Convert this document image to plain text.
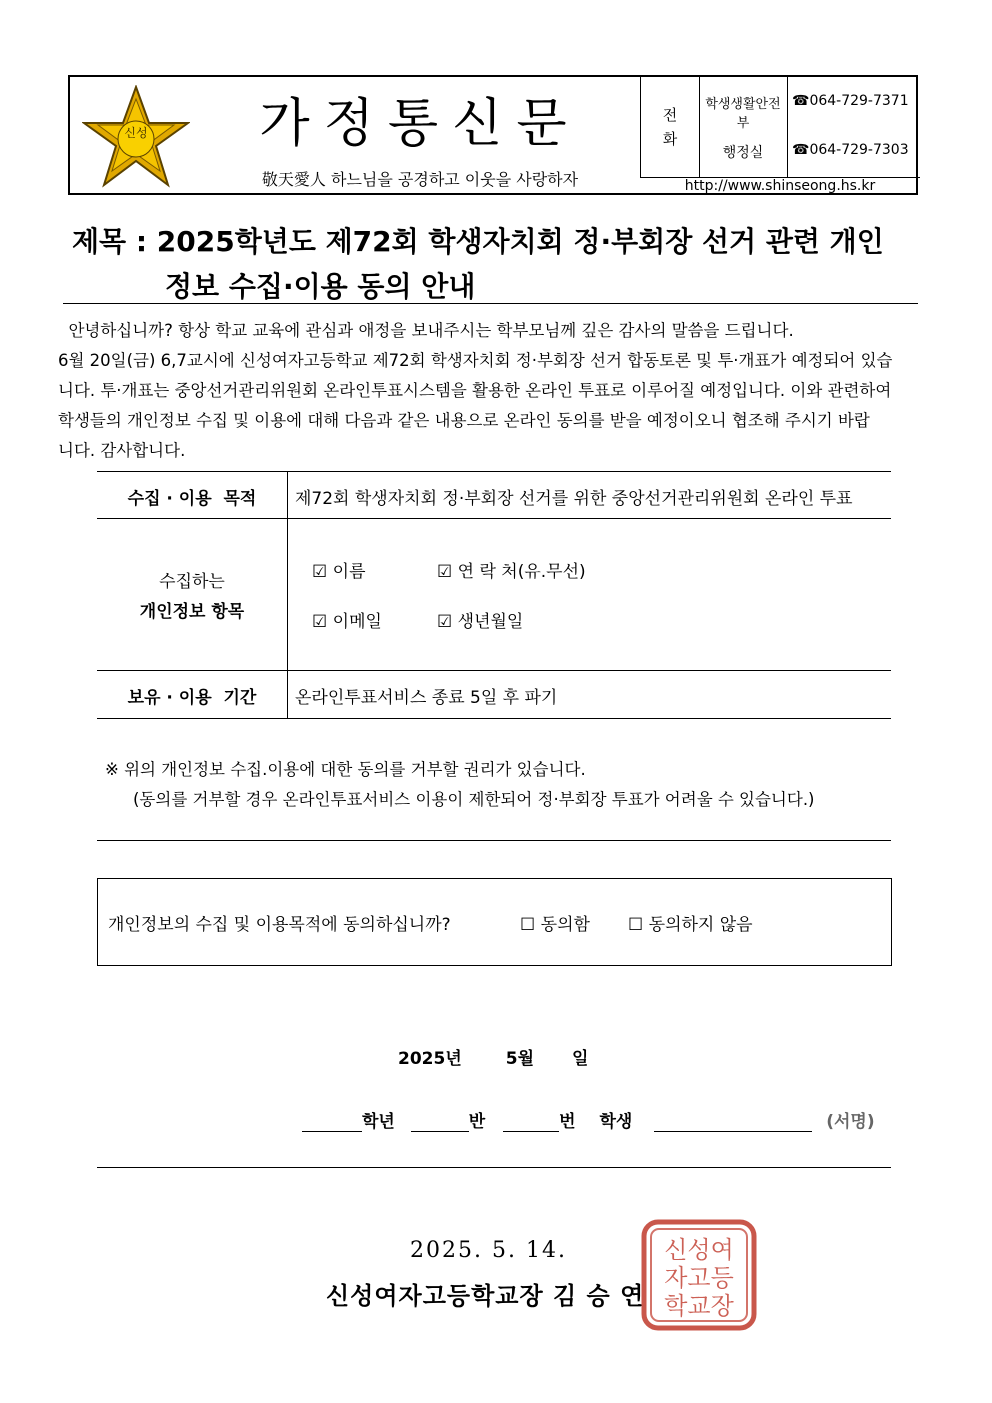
신성	가정통신문
敬天愛人 하느님을 공경하고 이웃을 사랑하자
전
화
학생생활안전부
☎064-729-7371
행정실	☎064-729-7303
http://www.shinseong.hs.kr
제목 : 2025학년도 제72회 학생자치회 정·부회장 선거 관련 개인
정보 수집·이용 동의 안내
안녕하십니까? 항상 학교 교육에 관심과 애정을 보내주시는 학부모님께 깊은 감사의 말씀을 드립니다.
6월 20일(금) 6,7교시에 신성여자고등학교 제72회 학생자치회 정·부회장 선거 합동토론 및 투·개표가 예정되어 있습
니다. 투·개표는 중앙선거관리위원회 온라인투표시스템을 활용한 온라인 투표로 이루어질 예정입니다. 이와 관련하여
학생들의 개인정보 수집 및 이용에 대해 다음과 같은 내용으로 온라인 동의를 받을 예정이오니 협조해 주시기 바랍
니다. 감사합니다.
수집 · 이용  목적	제72회 학생자치회 정·부회장 선거를 위한 중앙선거관리위원회 온라인 투표
수집하는
개인정보 항목
☑ 이름	☑ 연 락 처(유.무선)
☑ 이메일	☑ 생년월일
보유 · 이용  기간	온라인투표서비스 종료 5일 후 파기
※ 위의 개인정보 수집.이용에 대한 동의를 거부할 권리가 있습니다.
(동의를 거부할 경우 온라인투표서비스 이용이 제한되어 정·부회장 투표가 어려울 수 있습니다.)
개인정보의 수집 및 이용목적에 동의하십니까?	☐ 동의함 ☐ 동의하지 않음
2025년	5월 일
학년	반	번 학생	(서명)
2025. 5. 14.
신성여자고등학교장 김 승 연
신성여
자고등
학교장
